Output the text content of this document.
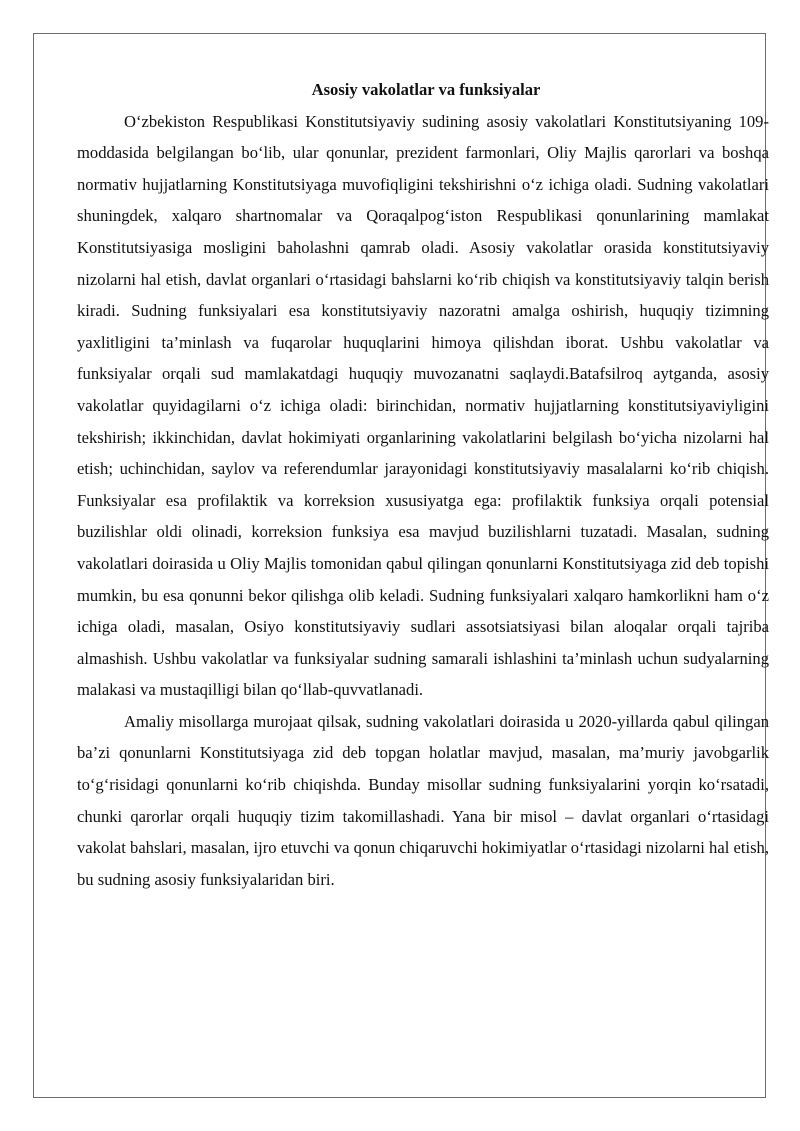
Asosiy vakolatlar va funksiyalar

O‘zbekiston Respublikasi Konstitutsiyaviy sudining asosiy vakolatlari Konstitutsiyaning 109-moddasida belgilangan bo‘lib, ular qonunlar, prezident farmonlari, Oliy Majlis qarorlari va boshqa normativ hujjatlarning Konstitutsiyaga muvofiqligini tekshirishni o‘z ichiga oladi. Sudning vakolatlari shuningdek, xalqaro shartnomalar va Qoraqalpog‘iston Respublikasi qonunlarining mamlakat Konstitutsiyasiga mosligini baholashni qamrab oladi. Asosiy vakolatlar orasida konstitutsiyaviy nizolarni hal etish, davlat organlari o‘rtasidagi bahslarni ko‘rib chiqish va konstitutsiyaviy talqin berish kiradi. Sudning funksiyalari esa konstitutsiyaviy nazoratni amalga oshirish, huquqiy tizimning yaxlitligini ta’minlash va fuqarolar huquqlarini himoya qilishdan iborat. Ushbu vakolatlar va funksiyalar orqali sud mamlakatdagi huquqiy muvozanatni saqlaydi.Batafsilroq aytganda, asosiy vakolatlar quyidagilarni o‘z ichiga oladi: birinchidan, normativ hujjatlarning konstitutsiyaviyligini tekshirish; ikkinchidan, davlat hokimiyati organlarining vakolatlarini belgilash bo‘yicha nizolarni hal etish; uchinchidan, saylov va referendumlar jarayonidagi konstitutsiyaviy masalalarni ko‘rib chiqish. Funksiyalar esa profilaktik va korreksion xususiyatga ega: profilaktik funksiya orqali potensial buzilishlar oldi olinadi, korreksion funksiya esa mavjud buzilishlarni tuzatadi. Masalan, sudning vakolatlari doirasida u Oliy Majlis tomonidan qabul qilingan qonunlarni Konstitutsiyaga zid deb topishi mumkin, bu esa qonunni bekor qilishga olib keladi. Sudning funksiyalari xalqaro hamkorlikni ham o‘z ichiga oladi, masalan, Osiyo konstitutsiyaviy sudlari assotsiatsiyasi bilan aloqalar orqali tajriba almashish. Ushbu vakolatlar va funksiyalar sudning samarali ishlashini ta’minlash uchun sudyalarning malakasi va mustaqilligi bilan qo‘llab-quvvatlanadi.

Amaliy misollarga murojaat qilsak, sudning vakolatlari doirasida u 2020-yillarda qabul qilingan ba’zi qonunlarni Konstitutsiyaga zid deb topgan holatlar mavjud, masalan, ma’muriy javobgarlik to‘g‘risidagi qonunlarni ko‘rib chiqishda. Bunday misollar sudning funksiyalarini yorqin ko‘rsatadi, chunki qarorlar orqali huquqiy tizim takomillashadi. Yana bir misol – davlat organlari o‘rtasidagi vakolat bahslari, masalan, ijro etuvchi va qonun chiqaruvchi hokimiyatlar o‘rtasidagi nizolarni hal etish, bu sudning asosiy funksiyalaridan biri.
